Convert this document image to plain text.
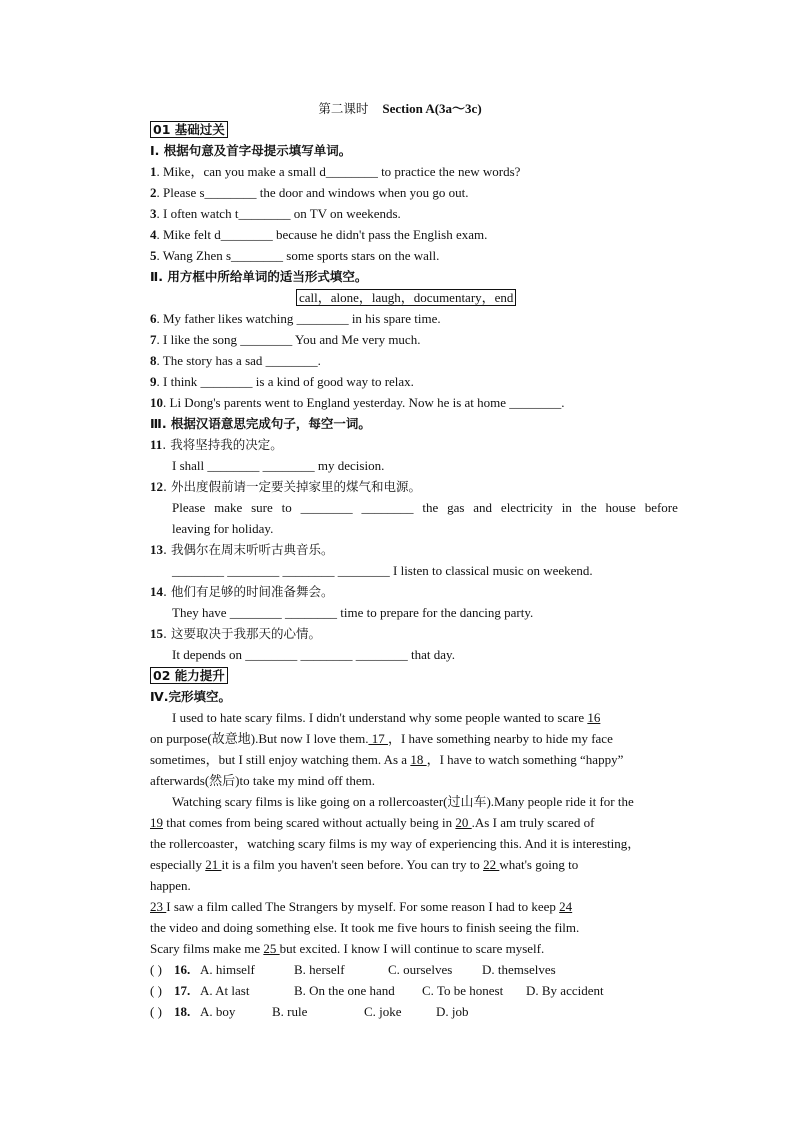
第二课时 Section A(3a～3c)
01 基础过关
Ⅰ. 根据句意及首字母提示填写单词。
1. Mike，can you make a small d________ to practice the new words?
2. Please s________ the door and windows when you go out.
3. I often watch t________ on TV on weekends.
4. Mike felt d________ because he didn't pass the English exam.
5. Wang Zhen s________ some sports stars on the wall.
Ⅱ. 用方框中所给单词的适当形式填空。
call，alone，laugh，documentary，end
6. My father likes watching ________ in his spare time.
7. I like the song ________ You and Me very much.
8. The story has a sad ________.
9. I think ________ is a kind of good way to relax.
10. Li Dong's parents went to England yesterday. Now he is at home ________.
Ⅲ. 根据汉语意思完成句子，每空一词。
11. 我将坚持我的决定。
I shall ________ ________ my decision.
12. 外出度假前请一定要关掉家里的煤气和电源。
Please make sure to ________ ________ the gas and electricity in the house before
leaving for holiday.
13. 我偶尔在周末听听古典音乐。
________ ________ ________ ________ I listen to classical music on weekend.
14. 他们有足够的时间准备舞会。
They have ________ ________ time to prepare for the dancing party.
15. 这要取决于我那天的心情。
It depends on ________ ________ ________ that day.
02 能力提升
Ⅳ.完形填空。
I used to hate scary films. I didn't understand why some people wanted to scare 16
on purpose(故意地).But now I love them. 17 ，I have something nearby to hide my face
sometimes，but I still enjoy watching them. As a 18 ，I have to watch something “happy”
afterwards(然后)to take my mind off them.
Watching scary films is like going on a rollercoaster(过山车).Many people ride it for the
19 that comes from being scared without actually being in 20 .As I am truly scared of
the rollercoaster，watching scary films is my way of experiencing this. And it is interesting，
especially 21 it is a film you haven't seen before. You can try to 22 what's going to
happen.
23 I saw a film called The Strangers by myself. For some reason I had to keep 24
the video and doing something else. It took me five hours to finish seeing the film.
Scary films make me 25 but excited. I know I will continue to scare myself.
( ) 16. A. himself	B. herself	C. ourselves D. themselves
( ) 17. A. At last	B. On the one hand C. To be honest D. By accident
( ) 18. A. boy	B. rule	C. joke	D. job
